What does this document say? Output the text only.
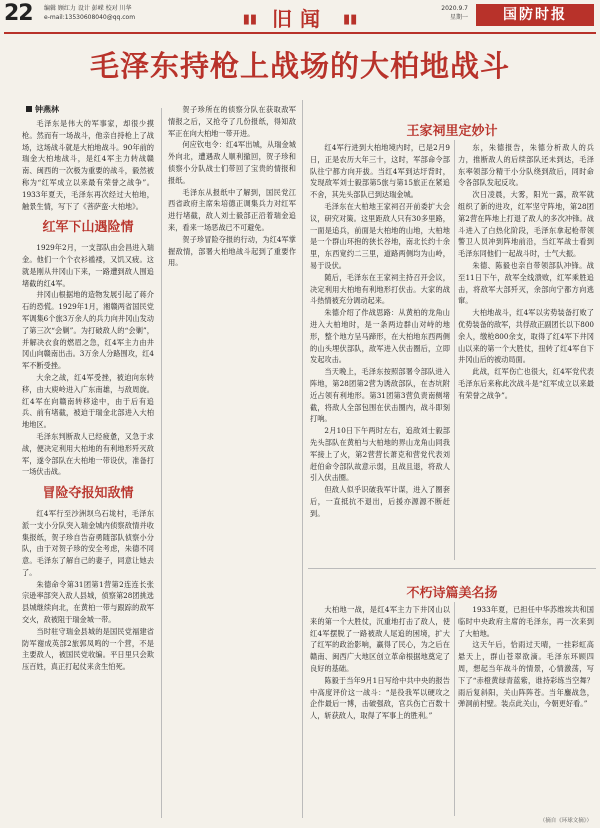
22 编辑 顾红力 设计 彭嵘 校对 川华
e-mail:13530608040@qq.com	▮▮ 旧闻 ▮▮
2020.9.7
星期一	国防时报
毛泽东持枪上战场的大柏地战斗
钟燕林

毛泽东是伟大的军事家，却很少摸枪。然而有一场战斗，他亲自持枪上了战场，这场战斗就是大柏地战斗。90年前的瑞金大柏地战斗，是红4军主力转战赣南、闽西的一次极为重要的战斗，毅然被称为“红军成立以来最有荣誉之战争”。1933年夏天，毛泽东再次经过大柏地，触景生情，写下了《菩萨蛮·大柏地》。

红军下山遇险情

1929年2月，一支部队由会昌进入瑞金。他们一个个衣衫褴褛，又饥又疲。这就是刚从井冈山下来，一路遭到敌人围追堵截的红4军。

井冈山根据地的造物发展引起了蒋介石的恐慌。1929年1月，湘赣两省国民党军调集6个旅3万余人的兵力向井冈山发动了第三次“会剿”。为打破敌人的“会剿”，并解决衣食的燃眉之急，红4军主力由井冈山向赣南出击。3万余人分路围攻，红4军不断受挫。

大余之战，红4军受挫，被迫向东转移，由大庾岭进入广东南雄，与敌周旋。红4军在向赣南转移途中，由于后有追兵、前有堵截，被迫于瑞金北部进入大柏地地区。

毛泽东判断敌人已经疲惫，又急于求战，便决定利用大柏地的有利地形歼灭敌军，遂令部队在大柏地一带设伏，准备打一场伏击战。

冒险夺报知敌情

红4军行至沙洲坝乌石垅村，毛泽东派一支小分队突入瑞金城内侦察敌情并收集报纸，贺子珍自告奋勇随部队侦察小分队，由于对贺子珍的安全考虑，朱德不同意。毛泽东了解自己的妻子，同意让她去了。

朱德命令第31团第1营第2连连长张宗逊率部突入敌人县城，侦察第28团挑选县城继续向北，在黄柏一带与跟踪的敌军交火，敌被阻于瑞金城一带。

当时驻守瑞金县城的是国民党福建省防军谢成英部2旅郭凤鸣的一个营，不是主要敌人，被国民党收编。平日里只会欺压百姓，真正打起仗来贪生怕死。

贺子珍所在的侦察分队在获取敌军情报之后，又抢夺了几份报纸，得知敌军正在向大柏地一带开进。

何应钦电令：红4军出城，从瑞金城外向北，遭遇敌人顺利撤回，贺子珍和侦察小分队战士们带回了宝贵的情报和报纸。

毛泽东从报纸中了解到，国民党江西省政府主席朱培德正调集兵力对红军进行堵截，敌人刘士毅部正沿着瑞金追来，看来一场恶战已不可避免。

贺子珍冒险夺报的行动，为红4军掌握敌情，部署大柏地战斗起到了重要作用。

王家祠里定妙计

红4军行进到大柏地境内时，已是2月9日，正是农历大年三十，这时，军部命令部队往宁都方向开拔。当红4军到达圩背时，发现敌军刘士毅部第5旅与第15旅正在紧追不舍，其先头部队已到达瑞金城。

毛泽东在大柏地王家祠召开前委扩大会议，研究对策。这里距敌人只有30多里路，一面是追兵，前面是大柏地的山地，大柏地是一个群山环抱的狭长谷地，南北长约十余里，东西宽约二三里，道路两侧均为山岭，易于设伏。

随后，毛泽东在王家祠主持召开会议，决定利用大柏地有利地形打伏击。大家的战斗热情被充分调动起来。

朱德介绍了作战思路：从黄柏的龙角山进入大柏地时，是一条两边群山对峙的地形，整个地方呈马蹄形，在大柏地东西两侧的山头埋伏部队，敌军进入伏击圈后，立即发起攻击。

当天晚上，毛泽东按照部署令部队进入阵地，第28团第2营为诱敌部队，在杏坑附近占领有利地形。第31团第3营负责南侧堵截，将敌人全部包围在伏击圈内，战斗即刻打响。

2月10日下午两时左右，追敌刘士毅部先头部队在黄柏与大柏地的界山龙角山同我军接上了火，第2营营长萧克和营党代表刘赶伯命令部队故意示弱，且战且退，将敌人引入伏击圈。

但敌人似乎识破我军计谋，进入了圈套后，一直抵抗不退出，后援亦源源不断赶到。

东，朱德报告，朱德分析敌人的兵力，推断敌人的后续部队还未到达，毛泽东率领部分精干小分队绕到敌后，同时命令各部队发起反攻。

次日凌晨，大雾，阳光一露，敌军就组织了新的进攻，红军坚守阵地，第28团第2营在阵地上打退了敌人的多次冲锋。战斗进入了白热化阶段，毛泽东拿起枪带领警卫人员冲到阵地前沿，当红军战士看到毛泽东同他们一起战斗时，士气大振。

朱德、陈毅也亲自带领部队冲锋。战至11日下午，敌军全线溃败，红军乘胜追击，将敌军大部歼灭，余部向宁都方向逃窜。

大柏地战斗，红4军以劣势装备打败了优势装备的敌军，共俘敌正副团长以下800余人，缴枪800余支，取得了红4军下井冈山以来的第一个大胜仗，扭转了红4军自下井冈山后的被动局面。

此战，红军伤亡也很大，红4军党代表毛泽东后来称此次战斗是“红军成立以来最有荣誉之战争”。

不朽诗篇美名扬

大柏地一战，是红4军主力下井冈山以来的第一个大胜仗，沉重地打击了敌人，使红4军摆脱了一路被敌人尾追的困境，扩大了红军的政治影响，赢得了民心，为之后在赣南、闽西广大地区创立革命根据地奠定了良好的基础。

陈毅于当年9月1日写给中共中央的报告中高度评价这一战斗：“是役我军以硬攻之企作最后一博，击破强敌，官兵伤亡百数十人，斩获敌人，取得了军事上的胜利。”

1933年夏，已担任中华苏维埃共和国临时中央政府主席的毛泽东，再一次来到了大柏地。

这天午后，恰雨过天晴，一挂彩虹高悬天上，群山苍翠欲滴。毛泽东环顾四周，想起当年战斗的情景，心情激荡，写下了“赤橙黄绿青蓝紫，谁持彩练当空舞？雨后复斜阳，关山阵阵苍。当年鏖战急，弹洞前村壁。装点此关山，今朝更好看。”

（摘自《环球文摘》）
